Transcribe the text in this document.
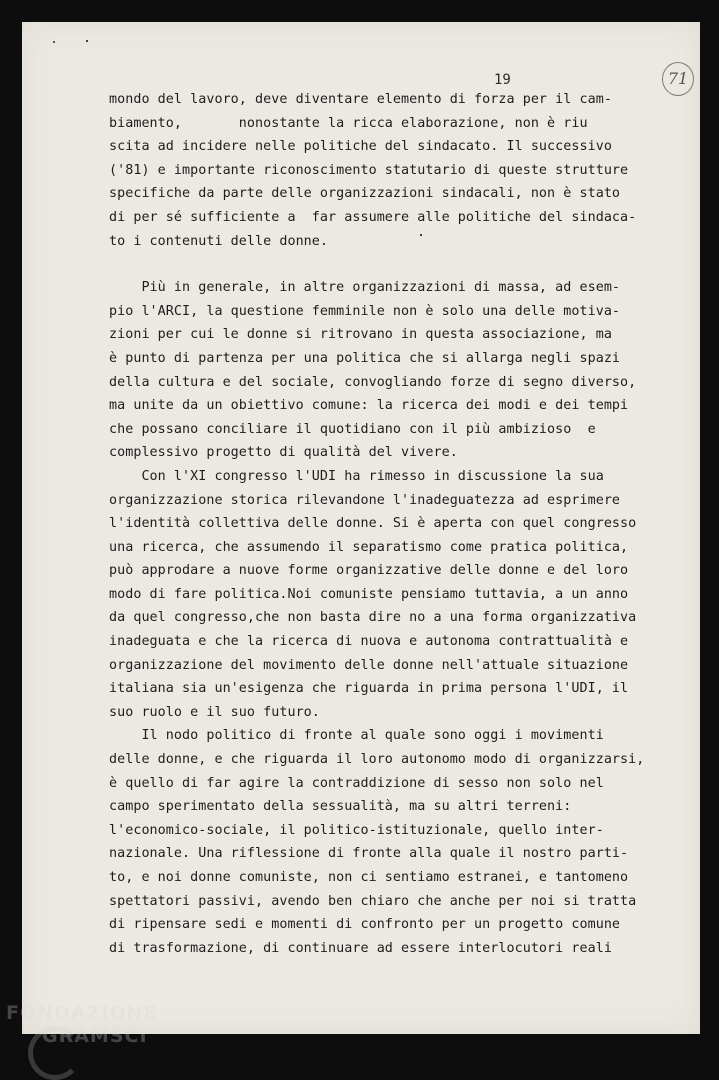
19	71
mondo del lavoro, deve diventare elemento di forza per il cam-
biamento,       nonostante la ricca elaborazione, non è riu
scita ad incidere nelle politiche del sindacato. Il successivo
('81) e importante riconoscimento statutario di queste strutture
specifiche da parte delle organizzazioni sindacali, non è stato
di per sé sufficiente a  far assumere alle politiche del sindaca-
to i contenuti delle donne.
Più in generale, in altre organizzazioni di massa, ad esem-
pio l'ARCI, la questione femminile non è solo una delle motiva-
zioni per cui le donne si ritrovano in questa associazione, ma
è punto di partenza per una politica che si allarga negli spazi
della cultura e del sociale, convogliando forze di segno diverso,
ma unite da un obiettivo comune: la ricerca dei modi e dei tempi
che possano conciliare il quotidiano con il più ambizioso  e
complessivo progetto di qualità del vivere.
Con l'XI congresso l'UDI ha rimesso in discussione la sua
organizzazione storica rilevandone l'inadeguatezza ad esprimere
l'identità collettiva delle donne. Si è aperta con quel congresso
una ricerca, che assumendo il separatismo come pratica politica,
può approdare a nuove forme organizzative delle donne e del loro
modo di fare politica.Noi comuniste pensiamo tuttavia, a un anno
da quel congresso,che non basta dire no a una forma organizzativa
inadeguata e che la ricerca di nuova e autonoma contrattualità e
organizzazione del movimento delle donne nell'attuale situazione
italiana sia un'esigenza che riguarda in prima persona l'UDI, il
suo ruolo e il suo futuro.
Il nodo politico di fronte al quale sono oggi i movimenti
delle donne, e che riguarda il loro autonomo modo di organizzarsi,
è quello di far agire la contraddizione di sesso non solo nel
campo sperimentato della sessualità, ma su altri terreni:
l'economico-sociale, il politico-istituzionale, quello inter-
nazionale. Una riflessione di fronte alla quale il nostro parti-
to, e noi donne comuniste, non ci sentiamo estranei, e tantomeno
spettatori passivi, avendo ben chiaro che anche per noi si tratta
di ripensare sedi e momenti di confronto per un progetto comune
di trasformazione, di continuare ad essere interlocutori reali
FONDAZIONE
GRAMSCI
